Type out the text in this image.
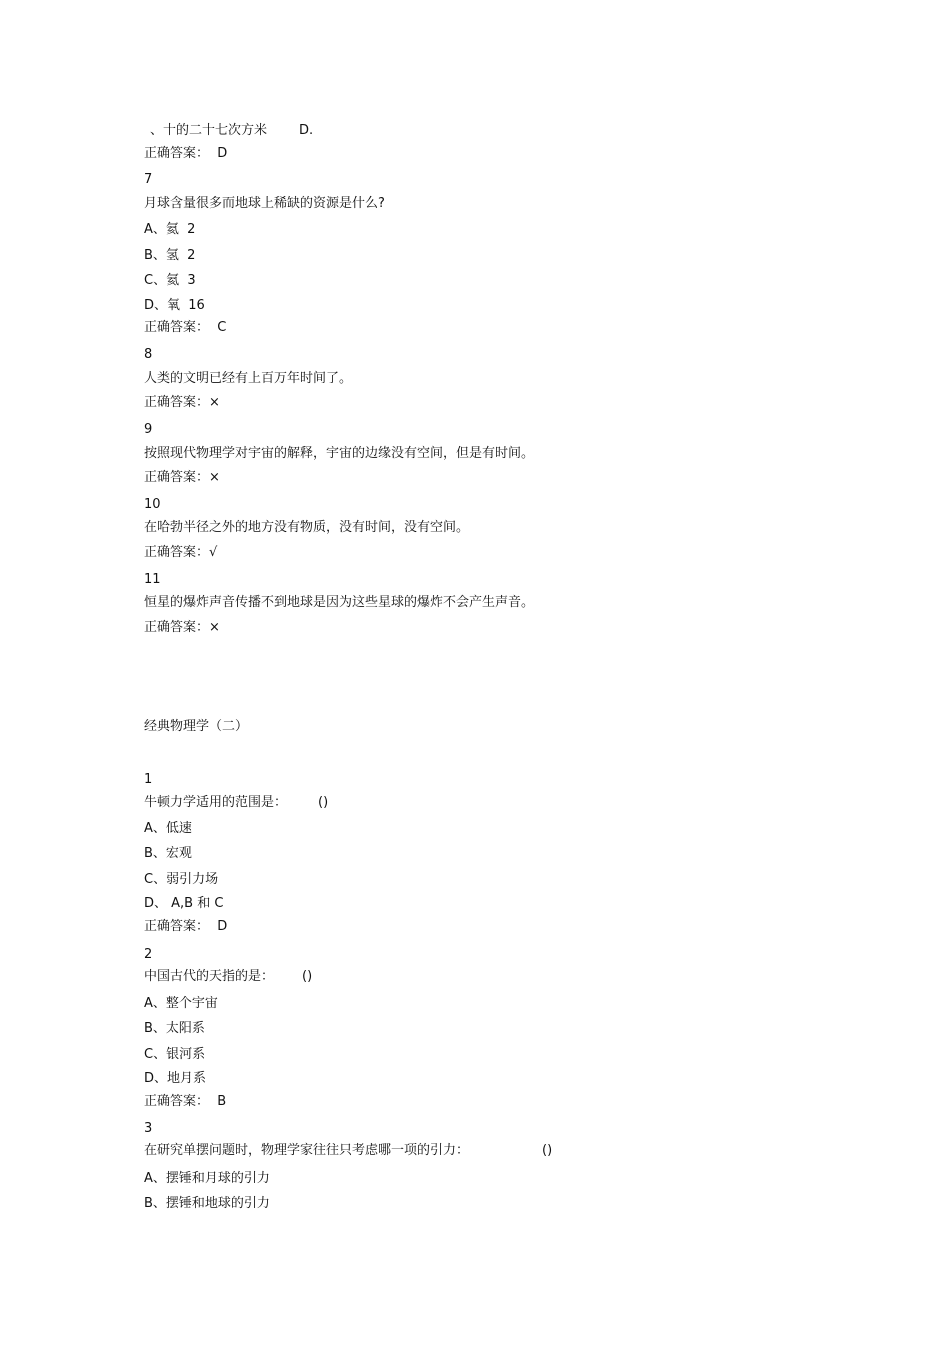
、十的二十七次方米 D.
正确答案：  D
7
月球含量很多而地球上稀缺的资源是什么?
A、氦  2
B、氢  2
C、氦  3
D、氧  16
正确答案：  C
8
人类的文明已经有上百万年时间了。
正确答案：×
9
按照现代物理学对宇宙的解释，宇宙的边缘没有空间，但是有时间。
正确答案：×
10
在哈勃半径之外的地方没有物质，没有时间，没有空间。
正确答案：√
11
恒星的爆炸声音传播不到地球是因为这些星球的爆炸不会产生声音。
正确答案：×
经典物理学（二）
1
牛顿力学适用的范围是： ()
A、低速
B、宏观
C、弱引力场
D、 A,B 和 C
正确答案：  D
2
中国古代的天指的是： ()
A、整个宇宙
B、太阳系
C、银河系
D、地月系
正确答案：  B
3
在研究单摆问题时，物理学家往往只考虑哪一项的引力：	()
A、摆锤和月球的引力
B、摆锤和地球的引力
